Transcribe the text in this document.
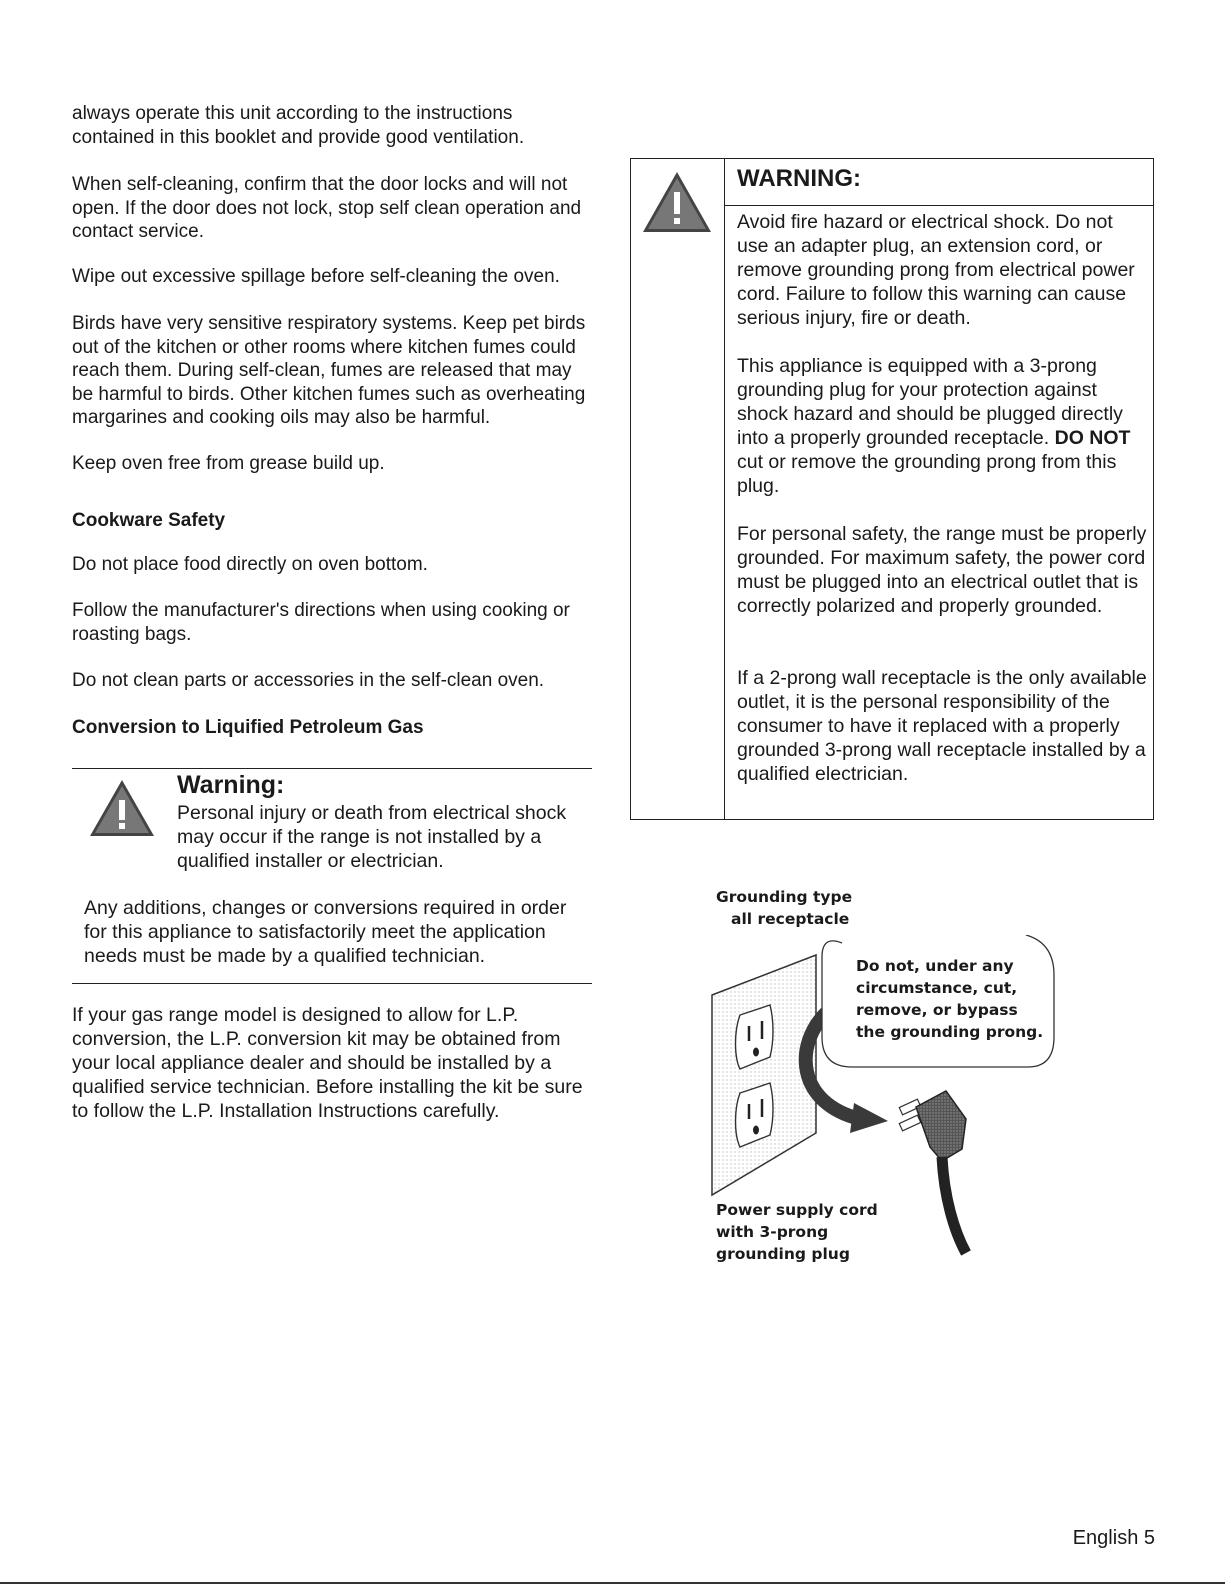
always operate this unit according to the instructions contained in this booklet and provide good ventilation.

When self-cleaning, confirm that the door locks and will not open. If the door does not lock, stop self clean operation and contact service.

Wipe out excessive spillage before self-cleaning the oven.

Birds have very sensitive respiratory systems. Keep pet birds out of the kitchen or other rooms where kitchen fumes could reach them. During self-clean, fumes are released that may be harmful to birds. Other kitchen fumes such as overheating margarines and cooking oils may also be harmful.

Keep oven free from grease build up.

Cookware Safety

Do not place food directly on oven bottom.

Follow the manufacturer's directions when using cooking or roasting bags.

Do not clean parts or accessories in the self-clean oven.

Conversion to Liquified Petroleum Gas

Warning:

Personal injury or death from electrical shock may occur if the range is not installed by a qualified installer or electrician.

Any additions, changes or conversions required in order for this appliance to satisfactorily meet the application needs must be made by a qualified technician.

If your gas range model is designed to allow for L.P. conversion, the L.P. conversion kit may be obtained from your local appliance dealer and should be installed by a qualified service technician. Before installing the kit be sure to follow the L.P. Installation Instructions carefully.

WARNING:

Avoid fire hazard or electrical shock. Do not use an adapter plug, an extension cord, or remove grounding prong from electrical power cord. Failure to follow this warning can cause serious injury, fire or death.

This appliance is equipped with a 3-prong grounding plug for your protection against shock hazard and should be plugged directly into a properly grounded receptacle. DO NOT cut or remove the grounding prong from this plug.

For personal safety, the range must be properly grounded. For maximum safety, the power cord must be plugged into an electrical outlet that is correctly polarized and properly grounded.

If a 2-prong wall receptacle is the only available outlet, it is the personal responsibility of the consumer to have it replaced with a properly grounded 3-prong wall receptacle installed by a qualified electrician.

Grounding type

all receptacle

Do not, under any

circumstance, cut,

remove, or bypass

the grounding prong.

Power supply cord

with 3-prong

grounding plug

English 5
